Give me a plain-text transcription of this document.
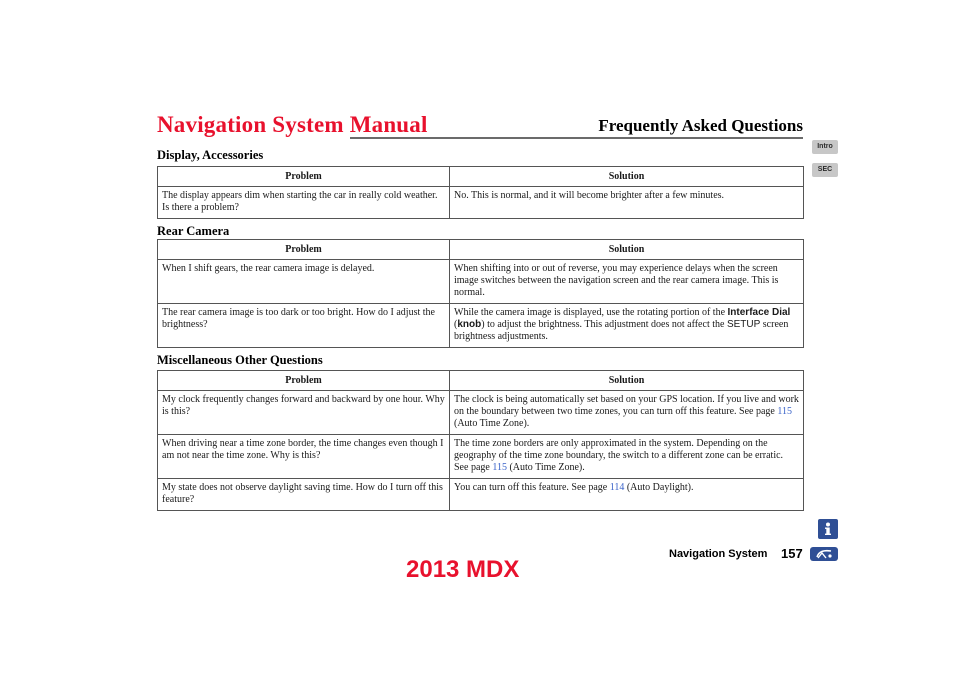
Navigation System Manual	Frequently Asked Questions
Intro
SEC
Display, Accessories
Problem	Solution
The display appears dim when starting the car in really cold weather. Is there a problem?	No. This is normal, and it will become brighter after a few minutes.
Rear Camera
Problem	Solution
When I shift gears, the rear camera image is delayed.	When shifting into or out of reverse, you may experience delays when the screen image switches between the navigation screen and the rear camera image. This is normal.
The rear camera image is too dark or too bright. How do I adjust the brightness?	While the camera image is displayed, use the rotating portion of the Interface Dial (knob) to adjust the brightness. This adjustment does not affect the SETUP screen brightness adjustments.
Miscellaneous Other Questions
Problem	Solution
My clock frequently changes forward and backward by one hour. Why is this?	The clock is being automatically set based on your GPS location. If you live and work on the boundary between two time zones, you can turn off this feature. See page 115 (Auto Time Zone).
When driving near a time zone border, the time changes even though I am not near the time zone. Why is this?	The time zone borders are only approximated in the system. Depending on the geography of the time zone boundary, the switch to a different zone can be erratic. See page 115 (Auto Time Zone).
My state does not observe daylight saving time. How do I turn off this feature?	You can turn off this feature. See page 114 (Auto Daylight).
Navigation System 157
2013 MDX
